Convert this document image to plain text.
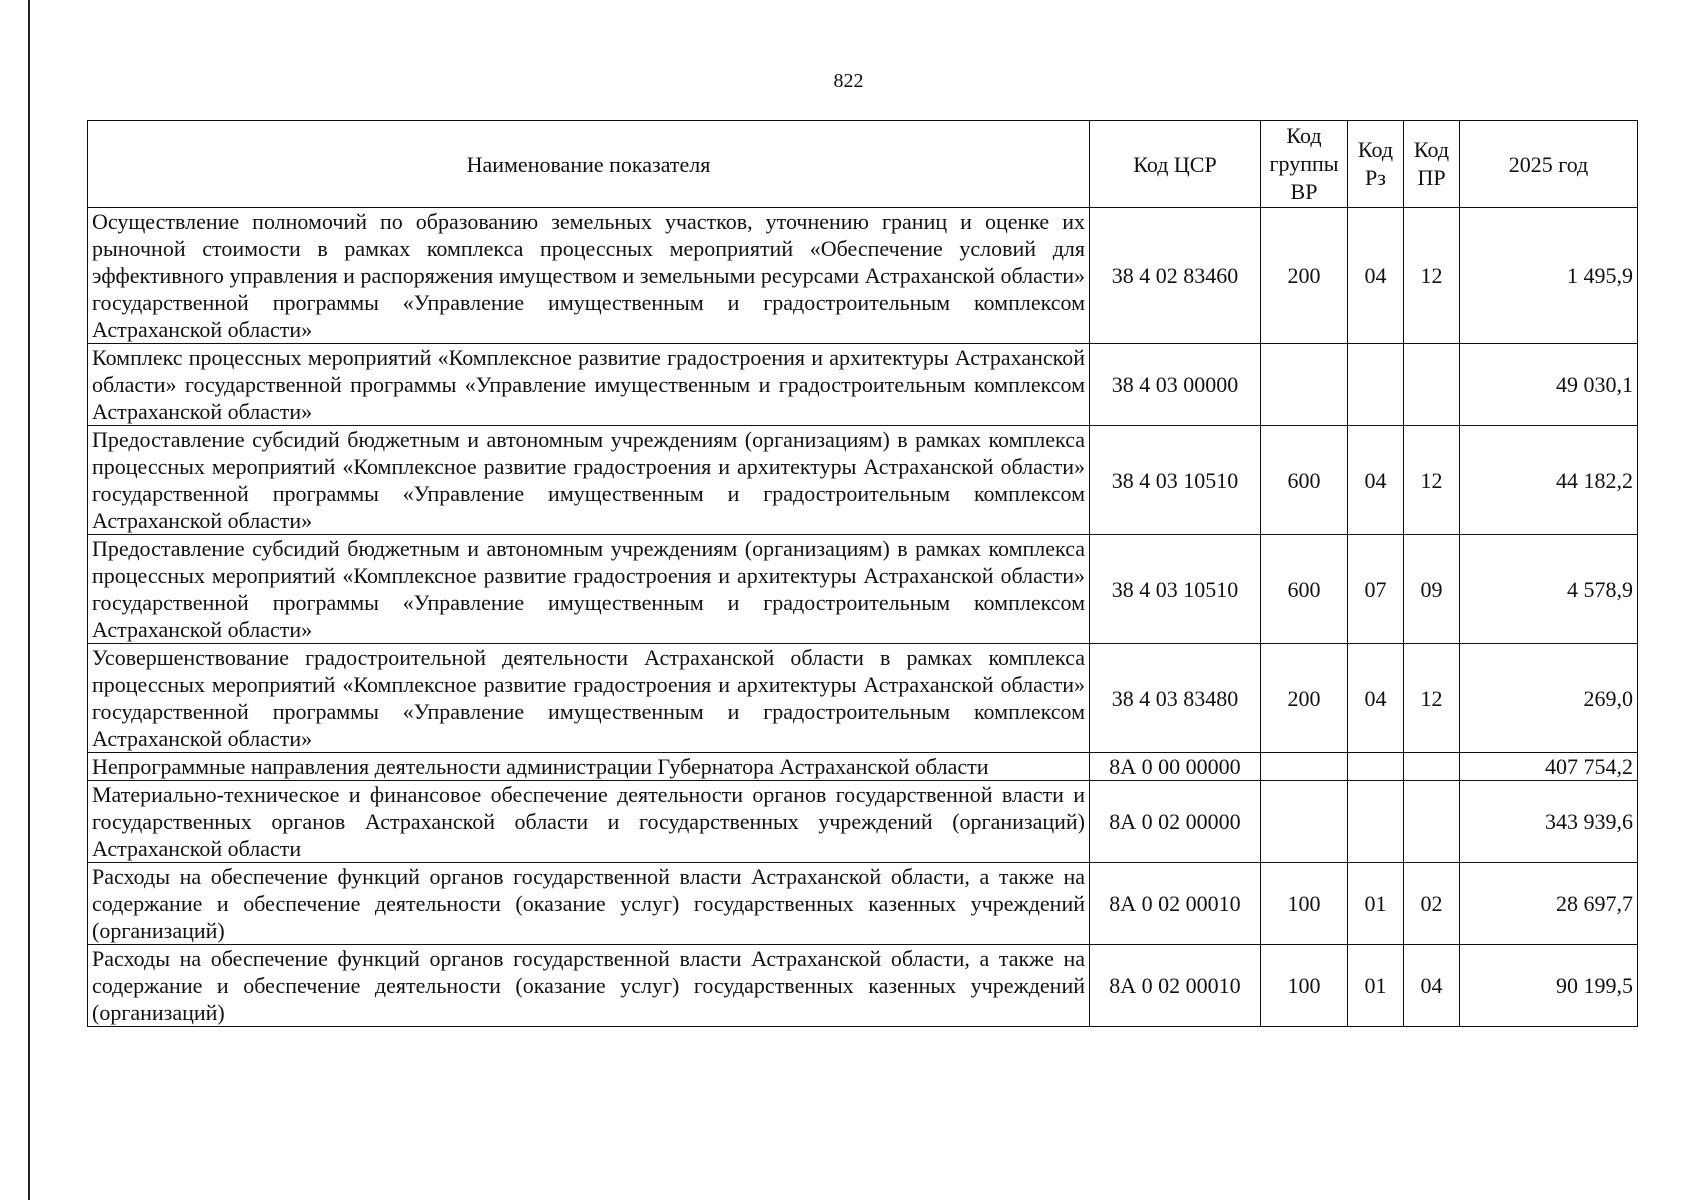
822
Наименование показателя	Код ЦСР	Код группы ВР	Код Рз	Код ПР	2025 год
Осуществление полномочий по образованию земельных участков, уточнению границ и оценке их рыночной стоимости в рамках комплекса процессных мероприятий «Обеспечение условий для эффективного управления и распоряжения имуществом и земельными ресурсами Астраханской области» государственной программы «Управление имущественным и градостроительным комплексом Астраханской области»	38 4 02 83460	200	04	12	1 495,9
Комплекс процессных мероприятий «Комплексное развитие градостроения и архитектуры Астраханской области» государственной программы «Управление имущественным и градостроительным комплексом Астраханской области»	38 4 03 00000				49 030,1
Предоставление субсидий бюджетным и автономным учреждениям (организациям) в рамках комплекса процессных мероприятий «Комплексное развитие градостроения и архитектуры Астраханской области» государственной программы «Управление имущественным и градостроительным комплексом Астраханской области»	38 4 03 10510	600	04	12	44 182,2
Предоставление субсидий бюджетным и автономным учреждениям (организациям) в рамках комплекса процессных мероприятий «Комплексное развитие градостроения и архитектуры Астраханской области» государственной программы «Управление имущественным и градостроительным комплексом Астраханской области»	38 4 03 10510	600	07	09	4 578,9
Усовершенствование градостроительной деятельности Астраханской области в рамках комплекса процессных мероприятий «Комплексное развитие градостроения и архитектуры Астраханской области» государственной программы «Управление имущественным и градостроительным комплексом Астраханской области»	38 4 03 83480	200	04	12	269,0
Непрограммные направления деятельности администрации Губернатора Астраханской области	8А 0 00 00000				407 754,2
Материально-техническое и финансовое обеспечение деятельности органов государственной власти и государственных органов Астраханской области и государственных учреждений (организаций) Астраханской области	8А 0 02 00000				343 939,6
Расходы на обеспечение функций органов государственной власти Астраханской области, а также на содержание и обеспечение деятельности (оказание услуг) государственных казенных учреждений (организаций)	8А 0 02 00010	100	01	02	28 697,7
Расходы на обеспечение функций органов государственной власти Астраханской области, а также на содержание и обеспечение деятельности (оказание услуг) государственных казенных учреждений (организаций)	8А 0 02 00010	100	01	04	90 199,5
